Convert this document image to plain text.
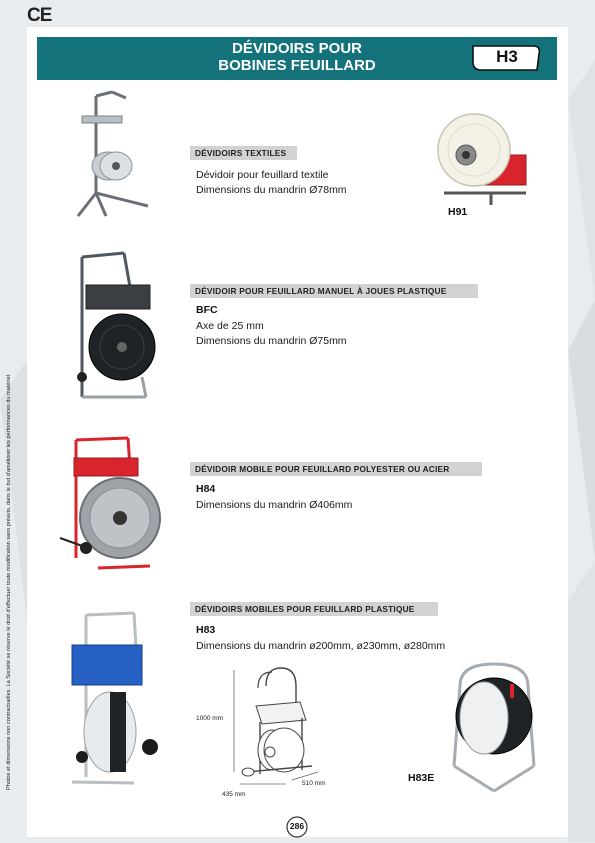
CE
Photos et dimensions non contractuelles. La Société se réserve le droit d'effectuer toute modification sans préavis, dans le but d'améliorer les performances du matériel.
DÉVIDOIRS POUR
BOBINES FEUILLARD	H3
DÉVIDOIRS TEXTILES
Dévidoir pour feuillard textile
Dimensions du mandrin Ø78mm
H91
DÉVIDOIR POUR FEUILLARD MANUEL À JOUES PLASTIQUE
BFC
Axe de 25 mm
Dimensions du mandrin Ø75mm
DÉVIDOIR MOBILE POUR FEUILLARD POLYESTER OU ACIER
H84
Dimensions du mandrin Ø406mm
DÉVIDOIRS MOBILES POUR FEUILLARD PLASTIQUE
H83
Dimensions du mandrin ø200mm, ø230mm, ø280mm
1000 mm
435 mm
510 mm	H83E
286
